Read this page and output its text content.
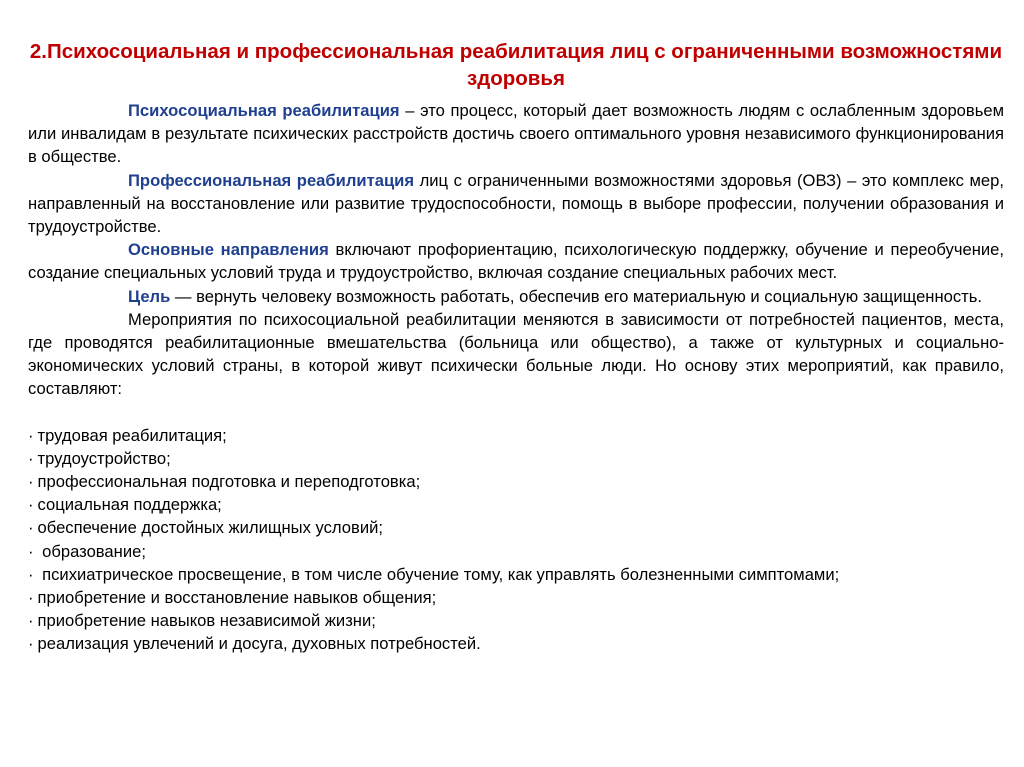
2.Психосоциальная и профессиональная реабилитация лиц с ограниченными возможностями здоровья

Психосоциальная реабилитация – это процесс, который дает возможность людям с ослабленным здоровьем или инвалидам в результате психических расстройств достичь своего оптимального уровня независимого функционирования в обществе.

Профессиональная реабилитация лиц с ограниченными возможностями здоровья (ОВЗ) – это комплекс мер, направленный на восстановление или развитие трудоспособности, помощь в выборе профессии, получении образования и трудоустройстве.

Основные направления включают профориентацию, психологическую поддержку, обучение и переобучение, создание специальных условий труда и трудоустройство, включая создание специальных рабочих мест.

Цель — вернуть человеку возможность работать, обеспечив его материальную и социальную защищенность.

Мероприятия по психосоциальной реабилитации меняются в зависимости от потребностей пациентов, места, где проводятся реабилитационные вмешательства (больница или общество), а также от культурных и социально-экономических условий страны, в которой живут психически больные люди. Но основу этих мероприятий, как правило, составляют:

· трудовая реабилитация;
· трудоустройство;
· профессиональная подготовка и переподготовка;
· социальная поддержка;
· обеспечение достойных жилищных условий;
· образование;
· психиатрическое просвещение, в том числе обучение тому, как управлять болезненными симптомами;
· приобретение и восстановление навыков общения;
· приобретение навыков независимой жизни;
· реализация увлечений и досуга, духовных потребностей.
